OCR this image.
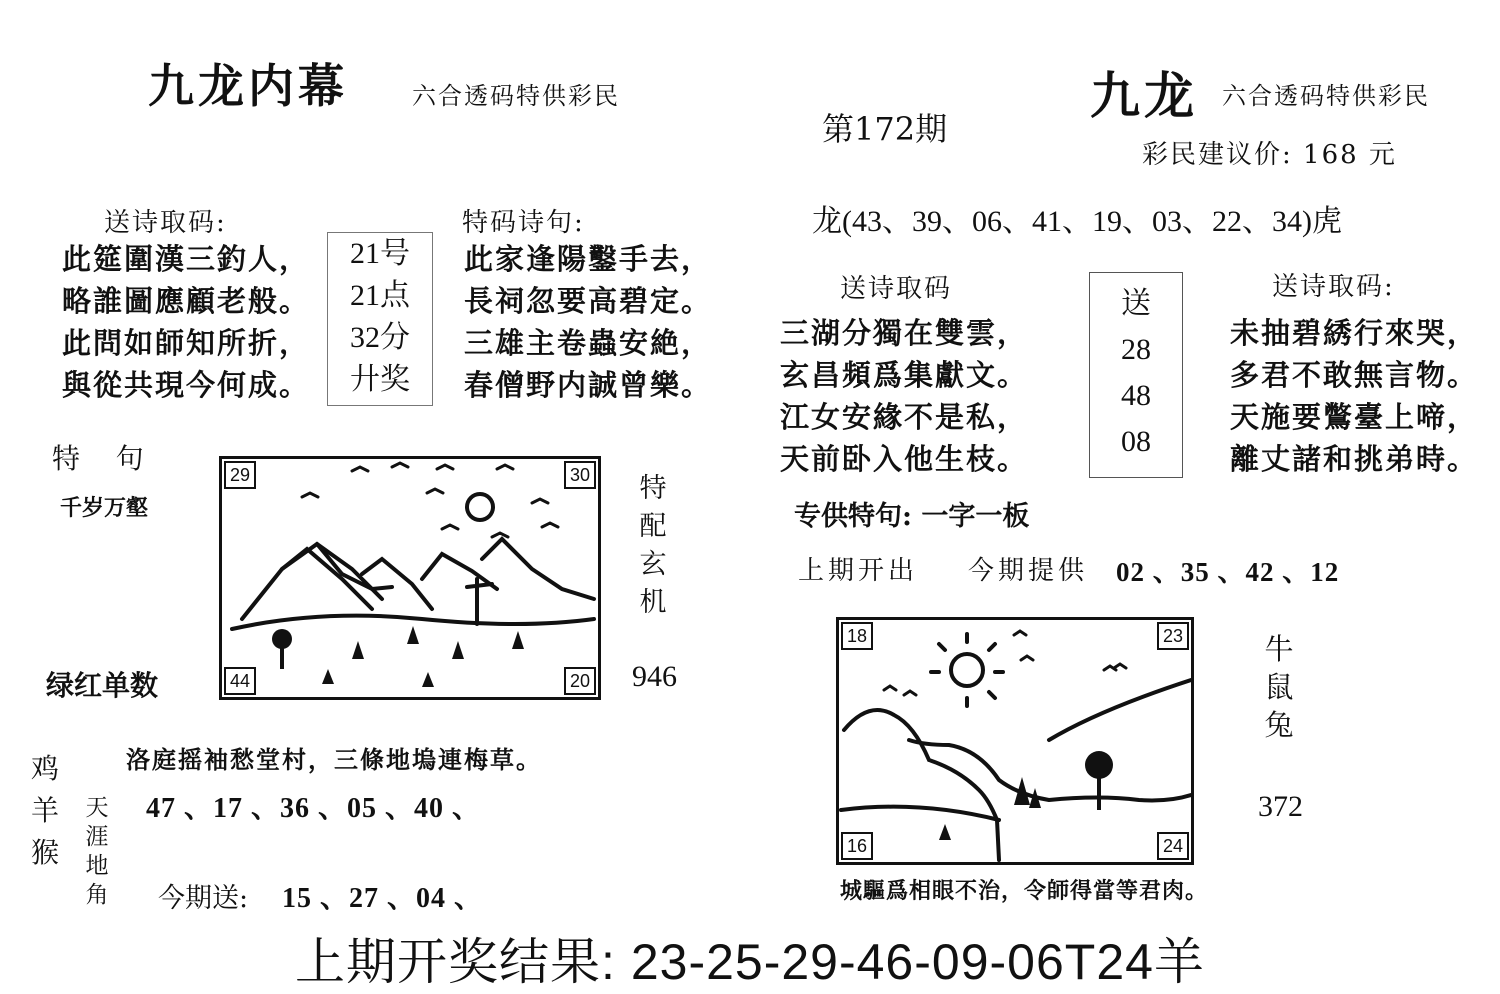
九龙内幕	六合透码特供彩民
送诗取码:
此筵圍漢三釣人，
略誰圖應顧老般。
此問如師知所折，
與從共現今何成。
21号
21点
32分
廾奖
特码诗句:
此家逢陽鑿手去，
長祠忽要高碧定。
三雄主卷蟲安絶，
春僧野内誠曾樂。
特    句
千岁万壑
绿红单数
29	30
44	20
特
配
玄
机
946
洛庭摇袖愁堂村，三條地塢連梅草。
鸡
羊
猴
天
涯
地
角
47 、17 、36 、05 、40 、
今期送: 15 、27 、04 、
第172期
九龙 六合透码特供彩民
彩民建议价: 168 元
龙(43、39、06、41、19、03、22、34)虎
送诗取码
三湖分獨在雙雲，
玄昌頻爲集獻文。
江女安緣不是私，
天前卧入他生枝。
送
28
48
08
送诗取码:
未抽碧綉行來哭，
多君不敢無言物。
天施要鷩臺上啼，
離丈諸和挑弟時。
专供特句: 一字一板
上期开出 今期提供 02 、35 、42 、12
18	23
16	24
牛
鼠
兔
372
城驅爲相眼不治，令師得當等君肉。
上期开奖结果: 23-25-29-46-09-06T24羊
